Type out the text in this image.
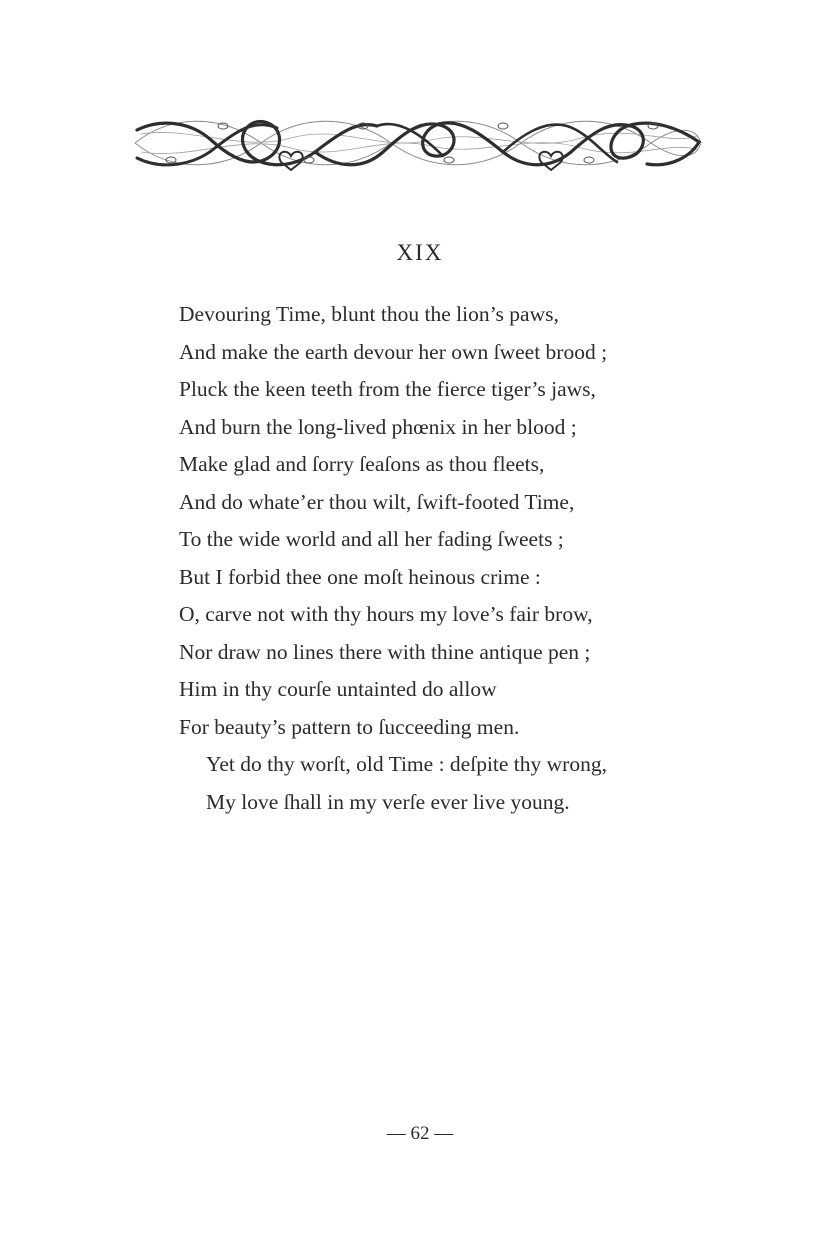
XIX
Devouring Time, blunt thou the lion’s paws,
And make the earth devour her own ſweet brood ;
Pluck the keen teeth from the fierce tiger’s jaws,
And burn the long-lived phœnix in her blood ;
Make glad and ſorry ſeaſons as thou fleets,
And do whate’er thou wilt, ſwift-footed Time,
To the wide world and all her fading ſweets ;
But I forbid thee one moſt heinous crime :
O, carve not with thy hours my love’s fair brow,
Nor draw no lines there with thine antique pen ;
Him in thy courſe untainted do allow
For beauty’s pattern to ſucceeding men.
Yet do thy worſt, old Time : deſpite thy wrong,
My love ſhall in my verſe ever live young.
— 62 —
